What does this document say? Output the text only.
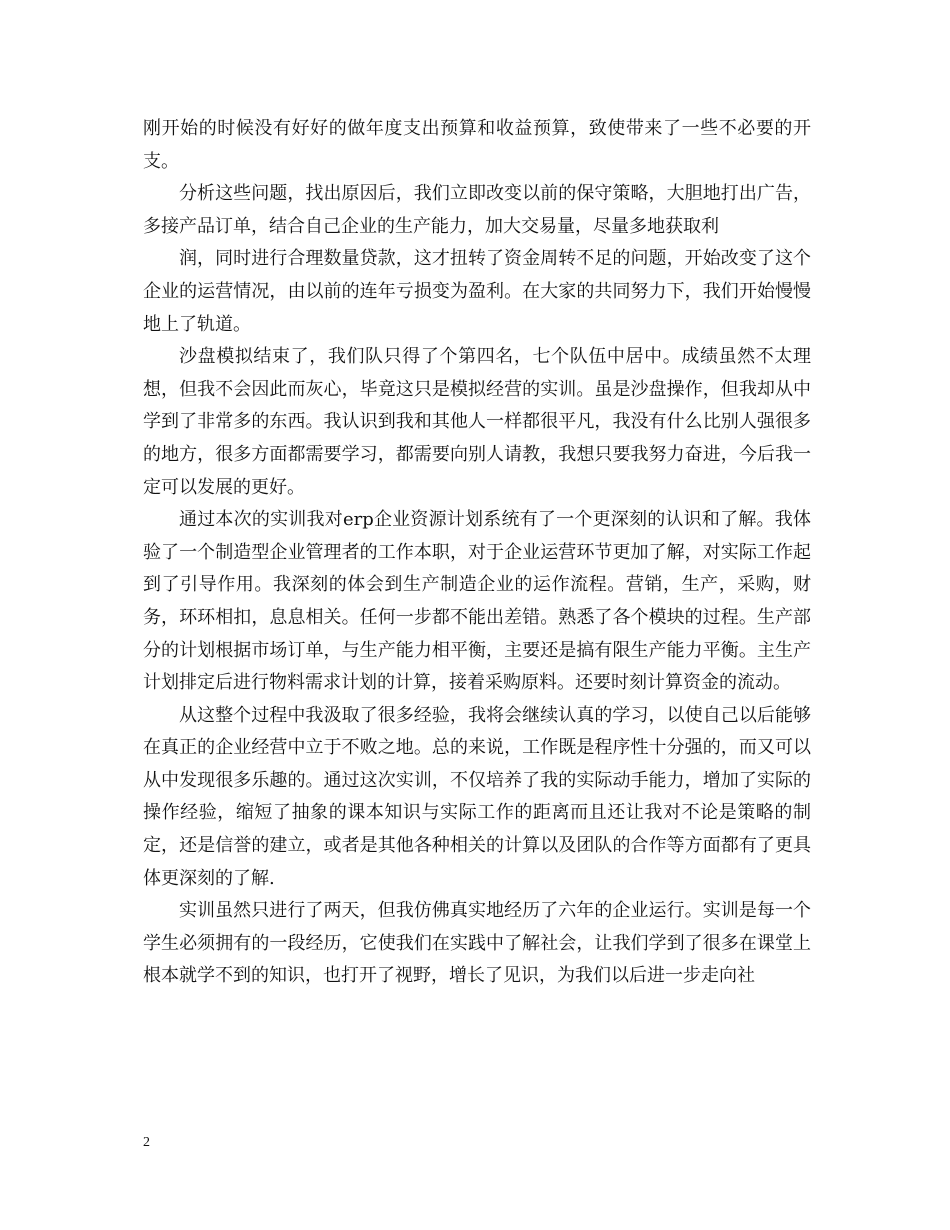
刚开始的时候没有好好的做年度支出预算和收益预算，致使带来了一些不必要的开支。

分析这些问题，找出原因后，我们立即改变以前的保守策略，大胆地打出广告，多接产品订单，结合自己企业的生产能力，加大交易量，尽量多地获取利

润，同时进行合理数量贷款，这才扭转了资金周转不足的问题，开始改变了这个企业的运营情况，由以前的连年亏损变为盈利。在大家的共同努力下，我们开始慢慢地上了轨道。

沙盘模拟结束了，我们队只得了个第四名，七个队伍中居中。成绩虽然不太理想，但我不会因此而灰心，毕竟这只是模拟经营的实训。虽是沙盘操作，但我却从中学到了非常多的东西。我认识到我和其他人一样都很平凡，我没有什么比别人强很多的地方，很多方面都需要学习，都需要向别人请教，我想只要我努力奋进，今后我一定可以发展的更好。

通过本次的实训我对erp企业资源计划系统有了一个更深刻的认识和了解。我体验了一个制造型企业管理者的工作本职，对于企业运营环节更加了解，对实际工作起到了引导作用。我深刻的体会到生产制造企业的运作流程。营销，生产，采购，财务，环环相扣，息息相关。任何一步都不能出差错。熟悉了各个模块的过程。生产部分的计划根据市场订单，与生产能力相平衡，主要还是搞有限生产能力平衡。主生产计划排定后进行物料需求计划的计算，接着采购原料。还要时刻计算资金的流动。

从这整个过程中我汲取了很多经验，我将会继续认真的学习，以使自己以后能够在真正的企业经营中立于不败之地。总的来说，工作既是程序性十分强的，而又可以从中发现很多乐趣的。通过这次实训，不仅培养了我的实际动手能力，增加了实际的操作经验，缩短了抽象的课本知识与实际工作的距离而且还让我对不论是策略的制定，还是信誉的建立，或者是其他各种相关的计算以及团队的合作等方面都有了更具体更深刻的了解.

实训虽然只进行了两天，但我仿佛真实地经历了六年的企业运行。实训是每一个学生必须拥有的一段经历，它使我们在实践中了解社会，让我们学到了很多在课堂上根本就学不到的知识，也打开了视野，增长了见识，为我们以后进一步走向社

2
